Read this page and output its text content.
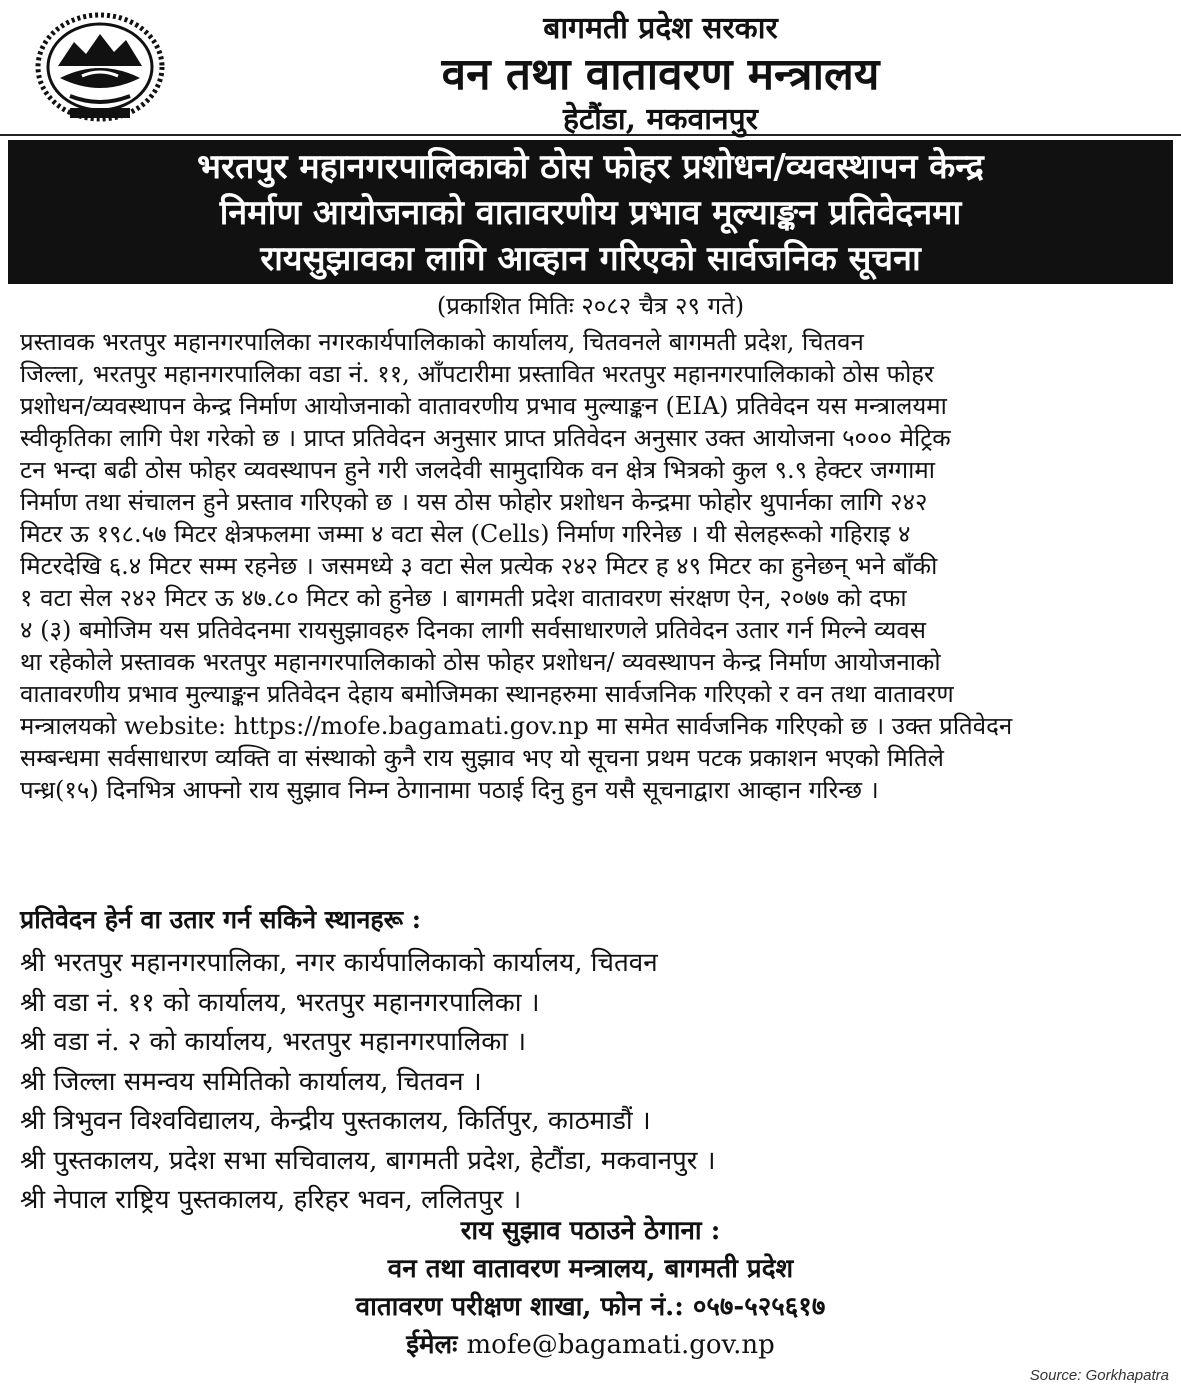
बागमती प्रदेश सरकार
वन तथा वातावरण मन्त्रालय
हेटौंडा, मकवानपुर
भरतपुर महानगरपालिकाको ठोस फोहर प्रशोधन/व्यवस्थापन केन्द्र
निर्माण आयोजनाको वातावरणीय प्रभाव मूल्याङ्कन प्रतिवेदनमा
रायसुझावका लागि आव्हान गरिएको सार्वजनिक सूचना
(प्रकाशित मितिः २०८२ चैत्र २९ गते)
प्रस्तावक भरतपुर महानगरपालिका नगरकार्यपालिकाको कार्यालय, चितवनले बागमती प्रदेश, चितवन
जिल्ला, भरतपुर महानगरपालिका वडा नं. ११, आँपटारीमा प्रस्तावित भरतपुर महानगरपालिकाको ठोस फोहर
प्रशोधन/व्यवस्थापन केन्द्र निर्माण आयोजनाको वातावरणीय प्रभाव मुल्याङ्कन (EIA) प्रतिवेदन यस मन्त्रालयमा
स्वीकृतिका लागि पेश गरेको छ । प्राप्त प्रतिवेदन अनुसार प्राप्त प्रतिवेदन अनुसार उक्त आयोजना ५००० मेट्रिक
टन भन्दा बढी ठोस फोहर व्यवस्थापन हुने गरी जलदेवी सामुदायिक वन क्षेत्र भित्रको कुल ९.९ हेक्टर जग्गामा
निर्माण तथा संचालन हुने प्रस्ताव गरिएको छ । यस ठोस फोहोर प्रशोधन केन्द्रमा फोहोर थुपार्नका लागि २४२
मिटर ऊ १९८.५७ मिटर क्षेत्रफलमा जम्मा ४ वटा सेल (Cells) निर्माण गरिनेछ । यी सेलहरूको गहिराइ ४
मिटरदेखि ६.४ मिटर सम्म रहनेछ । जसमध्ये ३ वटा सेल प्रत्येक २४२ मिटर ह ४९ मिटर का हुनेछन् भने बाँकी
१ वटा सेल २४२ मिटर ऊ ४७.८० मिटर को हुनेछ । बागमती प्रदेश वातावरण संरक्षण ऐन, २०७७ को दफा
४ (३) बमोजिम यस प्रतिवेदनमा रायसुझावहरु दिनका लागी सर्वसाधारणले प्रतिवेदन उतार गर्न मिल्ने व्यवस
था रहेकोले प्रस्तावक भरतपुर महानगरपालिकाको ठोस फोहर प्रशोधन/ व्यवस्थापन केन्द्र निर्माण आयोजनाको
वातावरणीय प्रभाव मुल्याङ्कन प्रतिवेदन देहाय बमोजिमका स्थानहरुमा सार्वजनिक गरिएको र वन तथा वातावरण
मन्त्रालयको website: https://mofe.bagamati.gov.np मा समेत सार्वजनिक गरिएको छ । उक्त प्रतिवेदन
सम्बन्धमा सर्वसाधारण व्यक्ति वा संस्थाको कुनै राय सुझाव भए यो सूचना प्रथम पटक प्रकाशन भएको मितिले
पन्ध्र(१५) दिनभित्र आफ्नो राय सुझाव निम्न ठेगानामा पठाई दिनु हुन यसै सूचनाद्वारा आव्हान गरिन्छ ।
प्रतिवेदन हेर्न वा उतार गर्न सकिने स्थानहरू :
श्री भरतपुर महानगरपालिका, नगर कार्यपालिकाको कार्यालय, चितवन
श्री वडा नं. ११ को कार्यालय, भरतपुर महानगरपालिका ।
श्री वडा नं. २ को कार्यालय, भरतपुर महानगरपालिका ।
श्री जिल्ला समन्वय समितिको कार्यालय, चितवन ।
श्री त्रिभुवन विश्वविद्यालय, केन्द्रीय पुस्तकालय, किर्तिपुर, काठमाडौं ।
श्री पुस्तकालय, प्रदेश सभा सचिवालय, बागमती प्रदेश, हेटौंडा, मकवानपुर ।
श्री नेपाल राष्ट्रिय पुस्तकालय, हरिहर भवन, ललितपुर ।
राय सुझाव पठाउने ठेगाना :
वन तथा वातावरण मन्त्रालय, बागमती प्रदेश
वातावरण परीक्षण शाखा, फोन नं.: ०५७-५२५६१७
ईमेलः mofe@bagamati.gov.np
Source: Gorkhapatra
